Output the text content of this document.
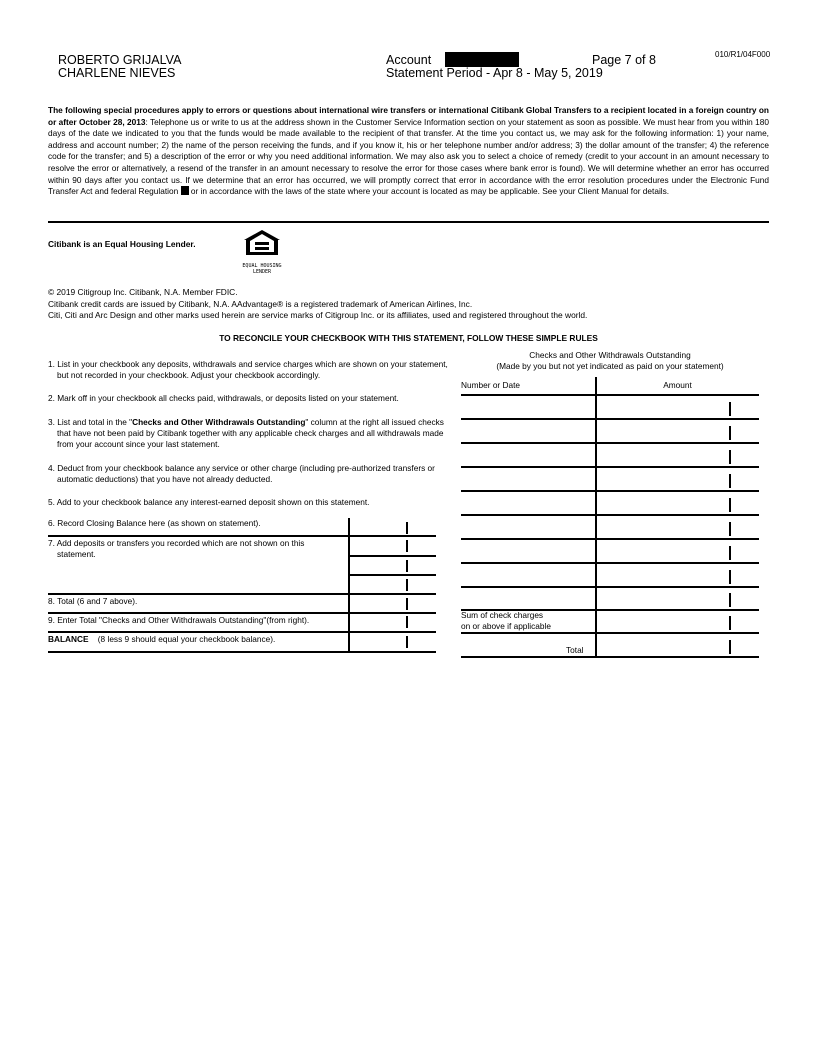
ROBERTO GRIJALVA
CHARLENE NIEVES
Account	Page 7 of 8
Statement Period - Apr 8 - May 5, 2019
010/R1/04F000
The following special procedures apply to errors or questions about international wire transfers or international Citibank Global Transfers to a recipient located in a foreign country on or after October 28, 2013: Telephone us or write to us at the address shown in the Customer Service Information section on your statement as soon as possible. We must hear from you within 180 days of the date we indicated to you that the funds would be made available to the recipient of that transfer. At the time you contact us, we may ask for the following information: 1) your name, address and account number; 2) the name of the person receiving the funds, and if you know it, his or her telephone number and/or address; 3) the dollar amount of the transfer; 4) the reference code for the transfer; and 5) a description of the error or why you need additional information. We may also ask you to select a choice of remedy (credit to your account in an amount necessary to resolve the error or alternatively, a resend of the transfer in an amount necessary to resolve the error for those cases where bank error is found). We will determine whether an error has occurred within 90 days after you contact us. If we determine that an error has occurred, we will promptly correct that error in accordance with the error resolution procedures under the Electronic Fund Transfer Act and federal Regulation  or in accordance with the laws of the state where your account is located as may be applicable. See your Client Manual for details.
Citibank is an Equal Housing Lender.
EQUAL HOUSING LENDER
© 2019 Citigroup Inc. Citibank, N.A. Member FDIC.
Citibank credit cards are issued by Citibank, N.A. AAdvantage® is a registered trademark of American Airlines, Inc.
Citi, Citi and Arc Design and other marks used herein are service marks of Citigroup Inc. or its affiliates, used and registered throughout the world.
TO RECONCILE YOUR CHECKBOOK WITH THIS STATEMENT, FOLLOW THESE SIMPLE RULES
1. List in your checkbook any deposits, withdrawals and service charges which are shown on your statement, but not recorded in your checkbook. Adjust your checkbook accordingly.
2. Mark off in your checkbook all checks paid, withdrawals, or deposits listed on your statement.
3. List and total in the "Checks and Other Withdrawals Outstanding" column at the right all issued checks that have not been paid by Citibank together with any applicable check charges and all withdrawals made from your account since your last statement.
4. Deduct from your checkbook balance any service or other charge (including pre-authorized transfers or automatic deductions) that you have not already deducted.
5. Add to your checkbook balance any interest-earned deposit shown on this statement.
6. Record Closing Balance here (as shown on statement).
7. Add deposits or transfers you recorded which are not shown on this statement.
8. Total (6 and 7 above).
9. Enter Total "Checks and Other Withdrawals Outstanding"(from right).
BALANCE (8 less 9 should equal your checkbook balance).
Checks and Other Withdrawals Outstanding
(Made by you but not yet indicated as paid on your statement)
Number or Date	Amount
Sum of check charges
on or above if applicable
Total
